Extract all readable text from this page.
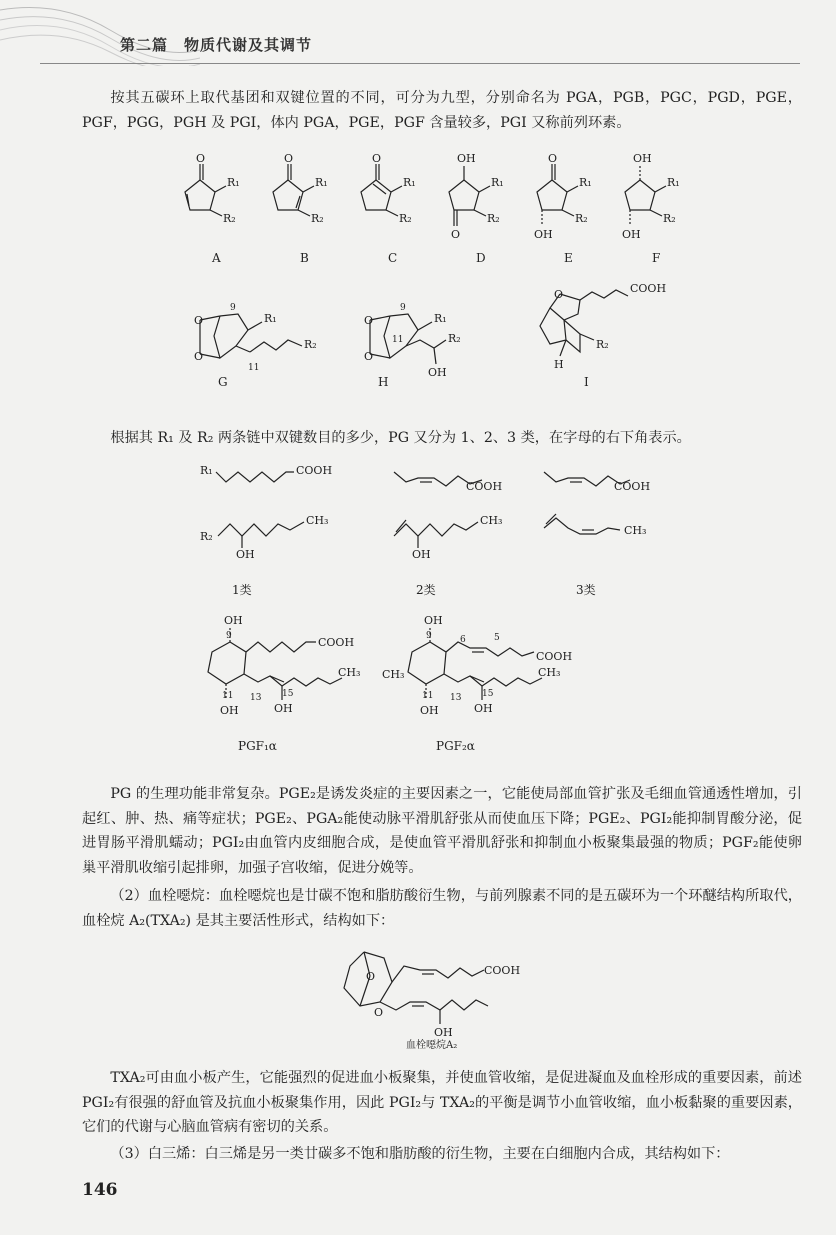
第二篇　物质代谢及其调节
按其五碳环上取代基团和双键位置的不同，可分为九型，分别命名为 PGA，PGB，PGC，PGD，PGE，PGF，PGG，PGH 及 PGI，体内 PGA，PGE，PGF 含量较多，PGI 又称前列环素。
O
R₁
R₂
A
O
R₁
R₂
B
O
R₁
R₂
C
OH
O
R₁
R₂
D
O
OH
R₁
R₂
E
OH
OH
R₁
R₂
F
O
O
9
11
R₁
R₂
G
O
O
9
11
R₁
R₂
OH
H
O	COOH
R₂
H
I
根据其 R₁ 及 R₂ 两条链中双键数目的多少，PG 又分为 1、2、3 类，在字母的右下角表示。
R₁	COOH
R₂
CH₃
OH
1类
COOH
CH₃
OH
2类
COOH
CH₃
3类
OH
9	COOH
CH₃
11 13 15
OH	OH
PGF₁α
OH
9	6	5
COOH
CH₃	CH₃
11 13 15
OH	OH
PGF₂α
PG 的生理功能非常复杂。PGE₂是诱发炎症的主要因素之一，它能使局部血管扩张及毛细血管通透性增加，引起红、肿、热、痛等症状；PGE₂、PGA₂能使动脉平滑肌舒张从而使血压下降；PGE₂、PGI₂能抑制胃酸分泌，促进胃肠平滑肌蠕动；PGI₂由血管内皮细胞合成，是使血管平滑肌舒张和抑制血小板聚集最强的物质；PGF₂能使卵巢平滑肌收缩引起排卵，加强子宫收缩，促进分娩等。
（2）血栓噁烷：血栓噁烷也是廿碳不饱和脂肪酸衍生物，与前列腺素不同的是五碳环为一个环醚结构所取代，血栓烷 A₂(TXA₂) 是其主要活性形式，结构如下：
O
O
COOH
OH
血栓噁烷A₂
TXA₂可由血小板产生，它能强烈的促进血小板聚集，并使血管收缩，是促进凝血及血栓形成的重要因素，前述 PGI₂有很强的舒血管及抗血小板聚集作用，因此 PGI₂与 TXA₂的平衡是调节小血管收缩，血小板黏聚的重要因素，它们的代谢与心脑血管病有密切的关系。
（3）白三烯：白三烯是另一类廿碳多不饱和脂肪酸的衍生物，主要在白细胞内合成，其结构如下：
146
